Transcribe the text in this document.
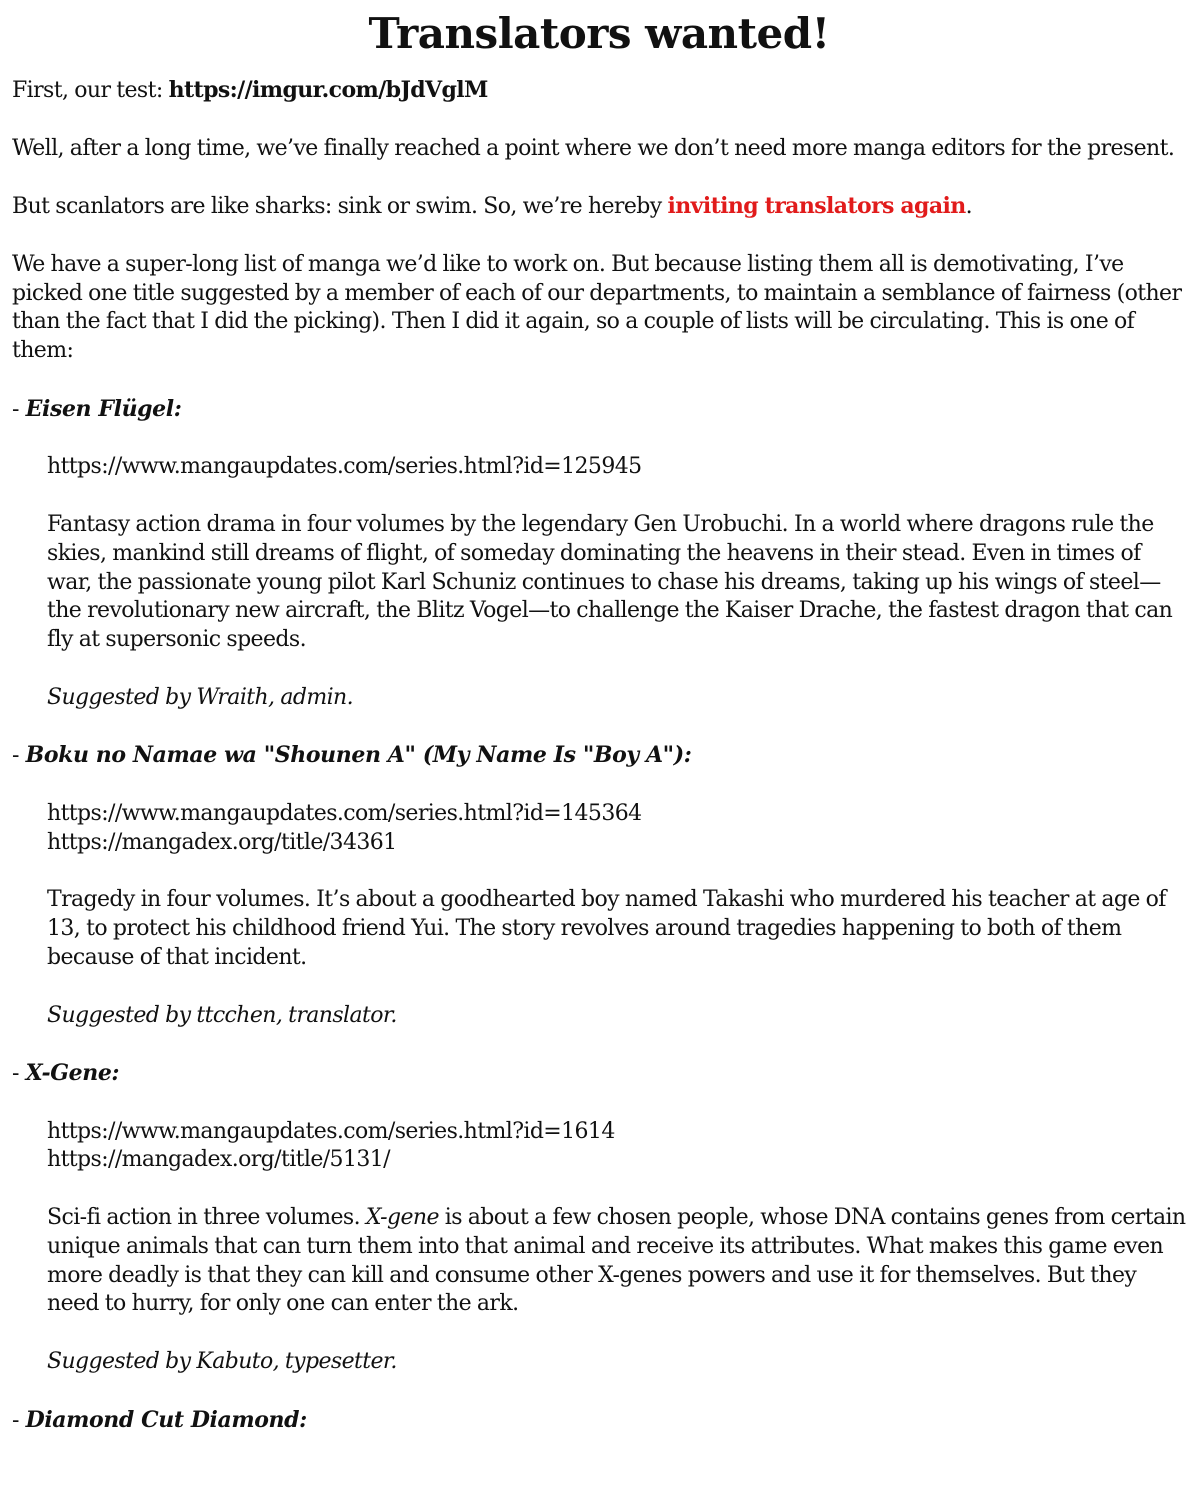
Translators wanted!

First, our test: https://imgur.com/bJdVglM

Well, after a long time, we’ve finally reached a point where we don’t need more manga editors for the present.

But scanlators are like sharks: sink or swim. So, we’re hereby inviting translators again.

We have a super-long list of manga we’d like to work on. But because listing them all is demotivating, I’ve picked one title suggested by a member of each of our departments, to maintain a semblance of fairness (other than the fact that I did the picking). Then I did it again, so a couple of lists will be circulating. This is one of them:

- Eisen Flügel:
https://www.mangaupdates.com/series.html?id=125945

Fantasy action drama in four volumes by the legendary Gen Urobuchi. In a world where dragons rule the skies, mankind still dreams of flight, of someday dominating the heavens in their stead. Even in times of war, the passionate young pilot Karl Schuniz continues to chase his dreams, taking up his wings of steel—the revolutionary new aircraft, the Blitz Vogel—to challenge the Kaiser Drache, the fastest dragon that can fly at supersonic speeds.

Suggested by Wraith, admin.

- Boku no Namae wa "Shounen A" (My Name Is "Boy A"):
https://www.mangaupdates.com/series.html?id=145364
https://mangadex.org/title/34361

Tragedy in four volumes. It’s about a goodhearted boy named Takashi who murdered his teacher at age of 13, to protect his childhood friend Yui. The story revolves around tragedies happening to both of them because of that incident.

Suggested by ttcchen, translator.

- X-Gene:
https://www.mangaupdates.com/series.html?id=1614
https://mangadex.org/title/5131/

Sci-fi action in three volumes. X-gene is about a few chosen people, whose DNA contains genes from certain unique animals that can turn them into that animal and receive its attributes. What makes this game even more deadly is that they can kill and consume other X-genes powers and use it for themselves. But they need to hurry, for only one can enter the ark.

Suggested by Kabuto, typesetter.

- Diamond Cut Diamond:
